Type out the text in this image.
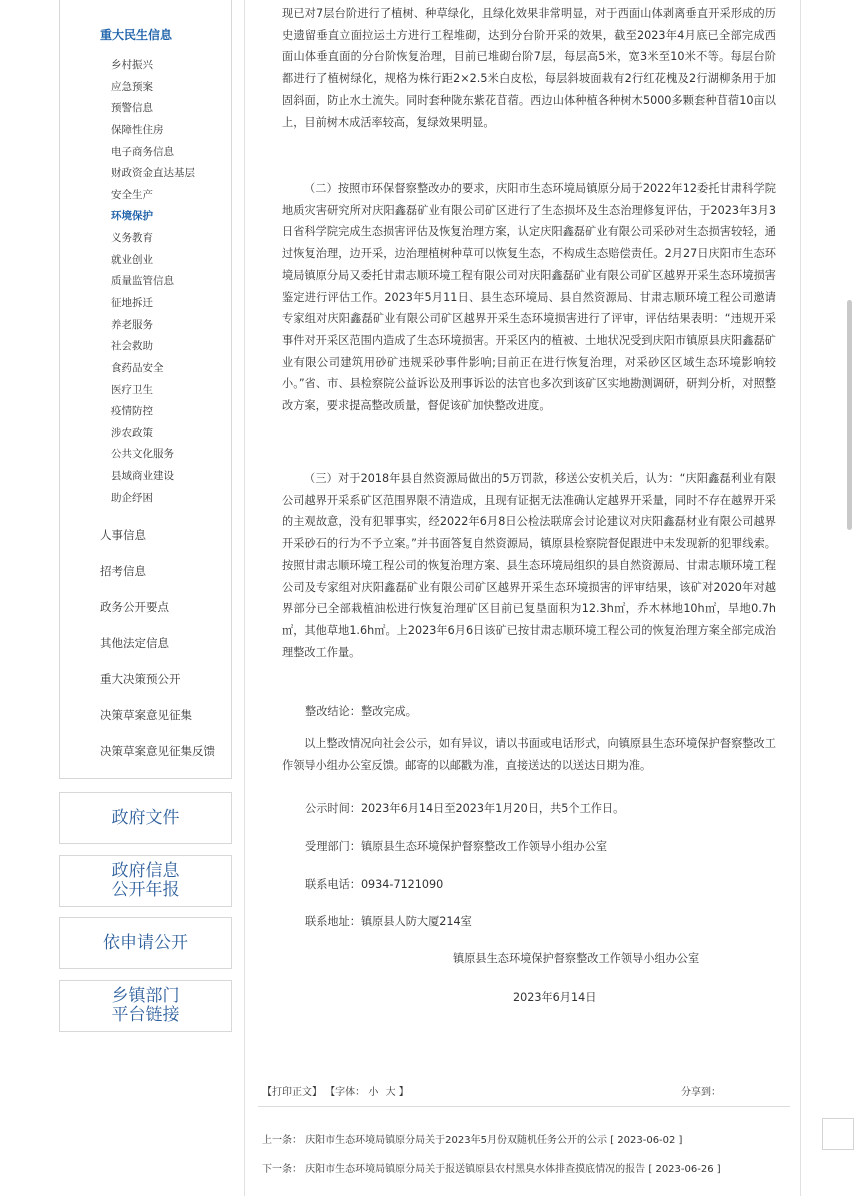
重大民生信息
乡村振兴
应急预案
预警信息
保障性住房
电子商务信息
财政资金直达基层
安全生产
环境保护
义务教育
就业创业
质量监管信息
征地拆迁
养老服务
社会救助
食药品安全
医疗卫生
疫情防控
涉农政策
公共文化服务
县域商业建设
助企纾困
人事信息
招考信息
政务公开要点
其他法定信息
重大决策预公开
决策草案意见征集
决策草案意见征集反馈
政府文件
政府信息
公开年报
依申请公开
乡镇部门
平台链接

现已对7层台阶进行了植树、种草绿化，且绿化效果非常明显，对于西面山体剥离垂直开采形成的历史遗留垂直立面拉运土方进行工程堆砌，达到分台阶开采的效果，截至2023年4月底已全部完成西面山体垂直面的分台阶恢复治理，目前已堆砌台阶7层，每层高5米，宽3米至10米不等。每层台阶都进行了植树绿化，规格为株行距2×2.5米白皮松，每层斜坡面栽有2行红花槐及2行湖柳条用于加固斜面，防止水土流失。同时套种陇东紫花苜蓿。西边山体种植各种树木5000多颗套种苜蓿10亩以上，目前树木成活率较高，复绿效果明显。

（二）按照市环保督察整改办的要求，庆阳市生态环境局镇原分局于2022年12委托甘肃科学院地质灾害研究所对庆阳鑫磊矿业有限公司矿区进行了生态损坏及生态治理修复评估，于2023年3月3日省科学院完成生态损害评估及恢复治理方案，认定庆阳鑫磊矿业有限公司采砂对生态损害较轻，通过恢复治理，边开采，边治理植树种草可以恢复生态，不构成生态赔偿责任。2月27日庆阳市生态环境局镇原分局又委托甘肃志顺环境工程有限公司对庆阳鑫磊矿业有限公司矿区越界开采生态环境损害鉴定进行评估工作。2023年5月11日、县生态环境局、县自然资源局、甘肃志顺环境工程公司邀请专家组对庆阳鑫磊矿业有限公司矿区越界开采生态环境损害进行了评审，评估结果表明：“违规开采事件对开采区范围内造成了生态环境损害。开采区内的植被、土地状况受到庆阳市镇原县庆阳鑫磊矿业有限公司建筑用砂矿违规采砂事件影响;目前正在进行恢复治理，对采砂区区域生态环境影响较小。”省、市、县检察院公益诉讼及刑事诉讼的法官也多次到该矿区实地勘测调研，研判分析，对照整改方案，要求提高整改质量，督促该矿加快整改进度。

（三）对于2018年县自然资源局做出的5万罚款，移送公安机关后，认为：“庆阳鑫磊利业有限公司越界开采系矿区范围界限不清造成，且现有证据无法准确认定越界开采量，同时不存在越界开采的主观故意，没有犯罪事实，经2022年6月8日公检法联席会讨论建议对庆阳鑫磊材业有限公司越界开采砂石的行为不予立案。”并书面答复自然资源局，镇原县检察院督促跟进中未发现新的犯罪线索。按照甘肃志顺环境工程公司的恢复治理方案、县生态环境局组织的县自然资源局、甘肃志顺环境工程公司及专家组对庆阳鑫磊矿业有限公司矿区越界开采生态环境损害的评审结果，该矿对2020年对越界部分已全部栽植油松进行恢复治理矿区目前已复垦面积为12.3h㎡，乔木林地10h㎡，旱地0.7h㎡，其他草地1.6h㎡。上2023年6月6日该矿已按甘肃志顺环境工程公司的恢复治理方案全部完成治理整改工作量。

整改结论：整改完成。

以上整改情况向社会公示，如有异议，请以书面或电话形式，向镇原县生态环境保护督察整改工作领导小组办公室反馈。邮寄的以邮戳为准，直接送达的以送达日期为准。

公示时间：2023年6月14日至2023年1月20日，共5个工作日。
受理部门：镇原县生态环境保护督察整改工作领导小组办公室
联系电话：0934-7121090
联系地址：镇原县人防大厦214室
镇原县生态环境保护督察整改工作领导小组办公室
2023年6月14日
【打印正文】 【字体： 小 大 】	分享到：
上一条： 庆阳市生态环境局镇原分局关于2023年5月份双随机任务公开的公示 [ 2023-06-02 ]
下一条： 庆阳市生态环境局镇原分局关于报送镇原县农村黑臭水体排查摸底情况的报告 [ 2023-06-26 ]
